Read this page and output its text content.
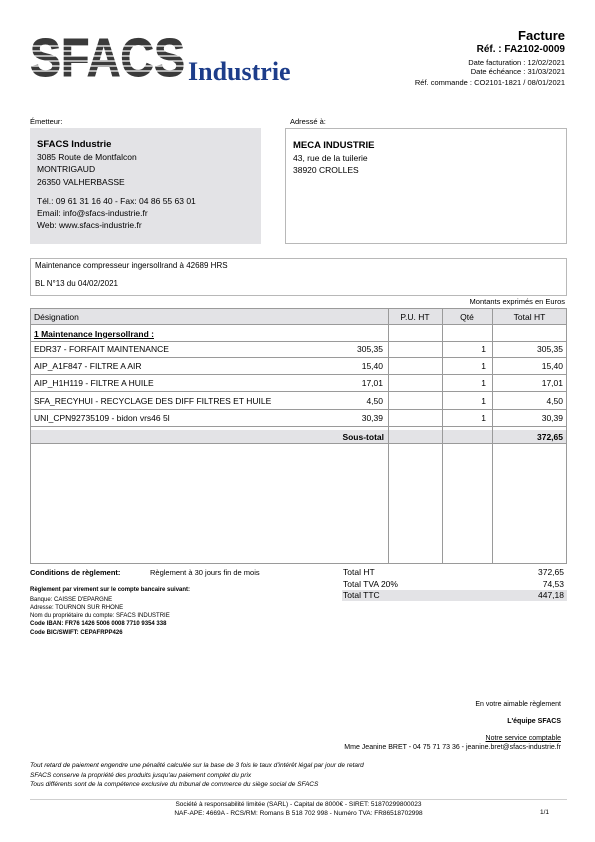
SFACS Industrie
Facture
Réf. : FA2102-0009
Date facturation : 12/02/2021
Date échéance : 31/03/2021
Réf. commande : CO2101-1821 / 08/01/2021
Émetteur:
SFACS Industrie
3085 Route de Montfalcon
MONTRIGAUD
26350 VALHERBASSE
Tél.: 09 61 31 16 40 - Fax: 04 86 55 63 01
Email: info@sfacs-industrie.fr
Web: www.sfacs-industrie.fr
Adressé à:
MECA INDUSTRIE
43, rue de la tuilerie
38920 CROLLES
Maintenance compresseur ingersollrand à 42689 HRS
BL N°13 du 04/02/2021
Montants exprimés en Euros
Désignation	P.U. HT	Qté	Total HT
1 Maintenance Ingersollrand :
EDR37 - FORFAIT MAINTENANCE	305,35	1	305,35
AIP_A1F847 - FILTRE A AIR	15,40	1	15,40
AIP_H1H119 - FILTRE A HUILE	17,01	1	17,01
SFA_RECYHUI - RECYCLAGE DES DIFF FILTRES ET HUILE	4,50	1	4,50
UNI_CPN92735109 - bidon vrs46 5l	30,39	1	30,39
Sous-total	372,65
Conditions de règlement:	Règlement à 30 jours fin de mois
Règlement par virement sur le compte bancaire suivant:
Banque: CAISSE D'EPARGNE
Adresse: TOURNON SUR RHONE
Nom du propriétaire du compte: SFACS INDUSTRIE
Code IBAN: FR76 1426 5006 0008 7710 9354 338
Code BIC/SWIFT: CEPAFRPP426
Total HT	372,65
Total TVA 20%	74,53
Total TTC	447,18
En votre aimable règlement
L'équipe SFACS
Notre service comptable
Mme Jeanine BRET - 04 75 71 73 36 - jeanine.bret@sfacs-industrie.fr
Tout retard de paiement engendre une pénalité calculée sur la base de 3 fois le taux d'intérêt légal par jour de retard
SFACS conserve la propriété des produits jusqu'au paiement complet du prix
Tous différents sont de la compétence exclusive du tribunal de commerce du siège social de SFACS
Société à responsabilité limitée (SARL) - Capital de 8000€ - SIRET: 51870299800023
NAF-APE: 4669A - RCS/RM: Romans B 518 702 998 - Numéro TVA: FR86518702998	1/1
